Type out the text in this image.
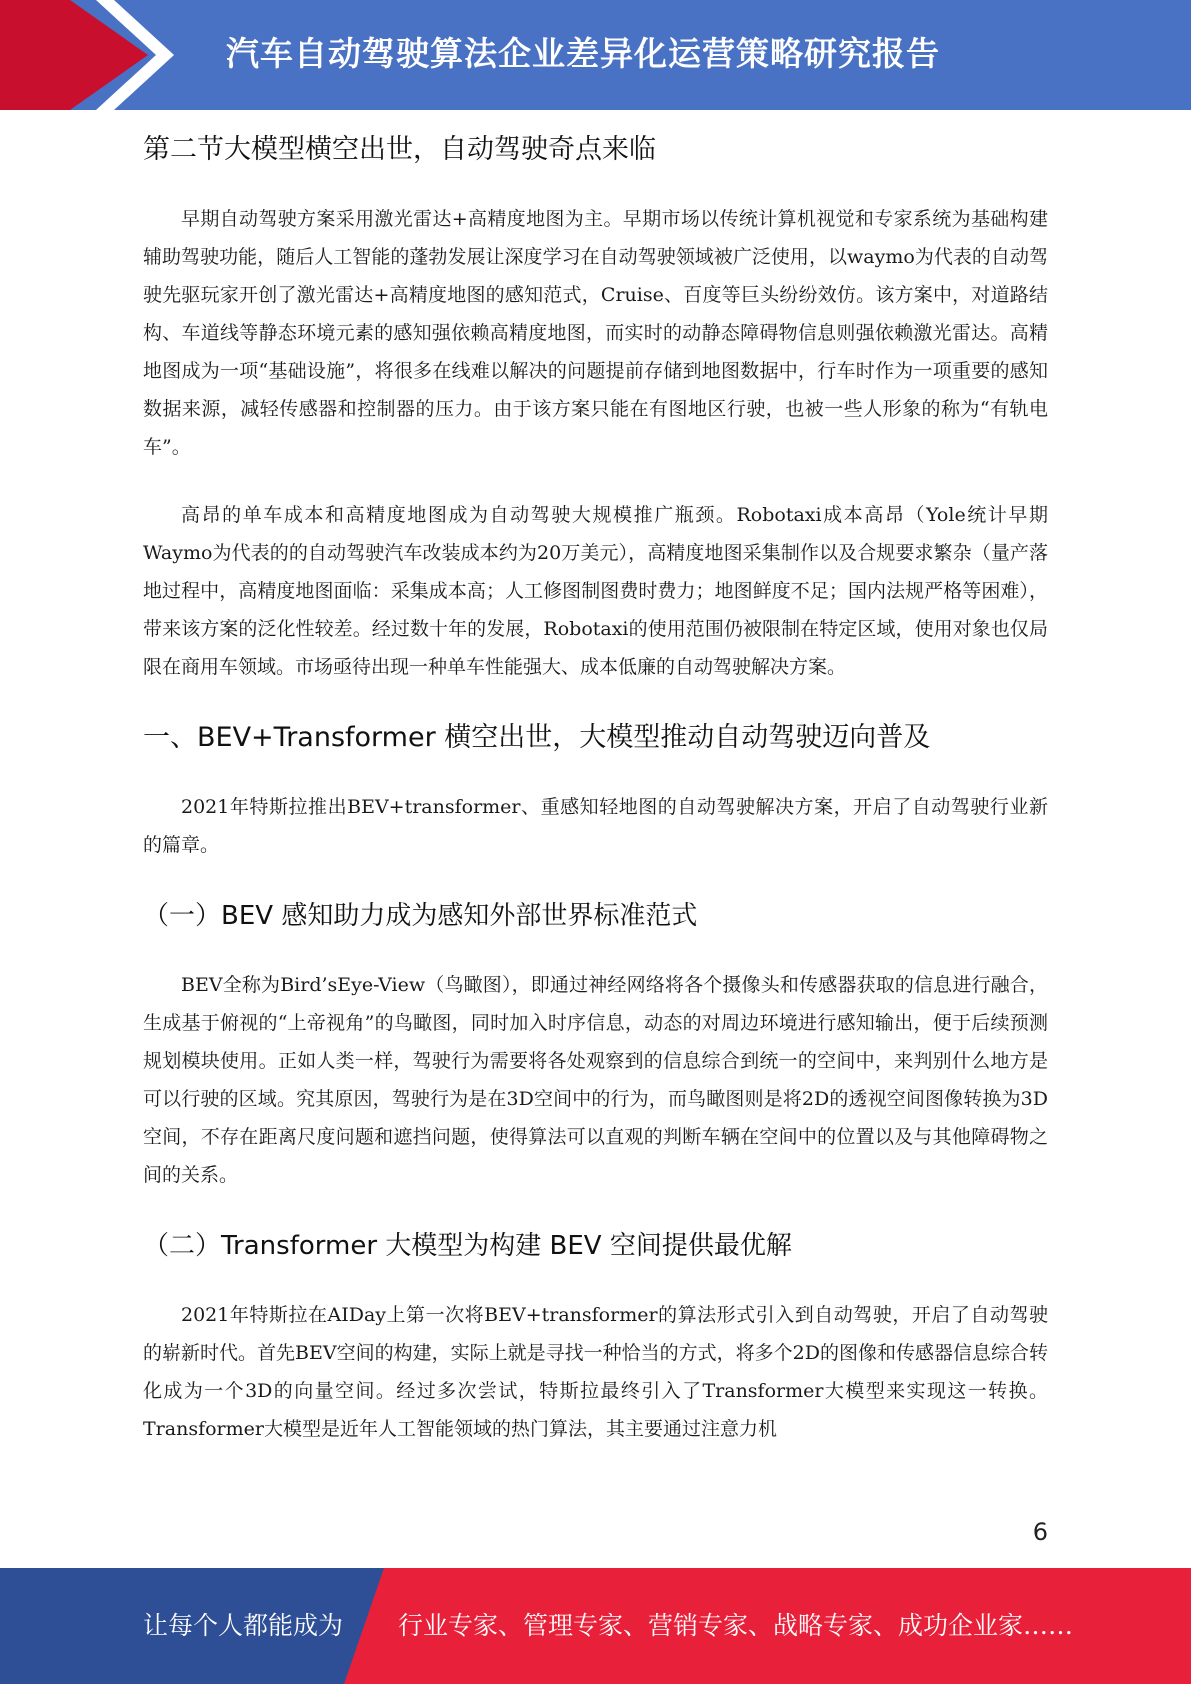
汽车自动驾驶算法企业差异化运营策略研究报告
第二节大模型横空出世，自动驾驶奇点来临

早期自动驾驶方案采用激光雷达+高精度地图为主。早期市场以传统计算机视觉和专家系统为基础构建辅助驾驶功能，随后人工智能的蓬勃发展让深度学习在自动驾驶领域被广泛使用，以waymo为代表的自动驾驶先驱玩家开创了激光雷达+高精度地图的感知范式，Cruise、百度等巨头纷纷效仿。该方案中，对道路结构、车道线等静态环境元素的感知强依赖高精度地图，而实时的动静态障碍物信息则强依赖激光雷达。高精地图成为一项“基础设施”，将很多在线难以解决的问题提前存储到地图数据中，行车时作为一项重要的感知数据来源，减轻传感器和控制器的压力。由于该方案只能在有图地区行驶，也被一些人形象的称为“有轨电车”。

高昂的单车成本和高精度地图成为自动驾驶大规模推广瓶颈。Robotaxi成本高昂（Yole统计早期Waymo为代表的的自动驾驶汽车改装成本约为20万美元），高精度地图采集制作以及合规要求繁杂（量产落地过程中，高精度地图面临：采集成本高；人工修图制图费时费力；地图鲜度不足；国内法规严格等困难），带来该方案的泛化性较差。经过数十年的发展，Robotaxi的使用范围仍被限制在特定区域，使用对象也仅局限在商用车领域。市场亟待出现一种单车性能强大、成本低廉的自动驾驶解决方案。

一、BEV+Transformer 横空出世，大模型推动自动驾驶迈向普及

2021年特斯拉推出BEV+transformer、重感知轻地图的自动驾驶解决方案，开启了自动驾驶行业新的篇章。

（一）BEV 感知助力成为感知外部世界标准范式

BEV全称为Bird’sEye-View（鸟瞰图），即通过神经网络将各个摄像头和传感器获取的信息进行融合，生成基于俯视的“上帝视角”的鸟瞰图，同时加入时序信息，动态的对周边环境进行感知输出，便于后续预测规划模块使用。正如人类一样，驾驶行为需要将各处观察到的信息综合到统一的空间中，来判别什么地方是可以行驶的区域。究其原因，驾驶行为是在3D空间中的行为，而鸟瞰图则是将2D的透视空间图像转换为3D空间，不存在距离尺度问题和遮挡问题，使得算法可以直观的判断车辆在空间中的位置以及与其他障碍物之间的关系。

（二）Transformer 大模型为构建 BEV 空间提供最优解

2021年特斯拉在AIDay上第一次将BEV+transformer的算法形式引入到自动驾驶，开启了自动驾驶的崭新时代。首先BEV空间的构建，实际上就是寻找一种恰当的方式，将多个2D的图像和传感器信息综合转化成为一个3D的向量空间。经过多次尝试，特斯拉最终引入了Transformer大模型来实现这一转换。Transformer大模型是近年人工智能领域的热门算法，其主要通过注意力机

6
让每个人都能成为 行业专家、管理专家、营销专家、战略专家、成功企业家……
